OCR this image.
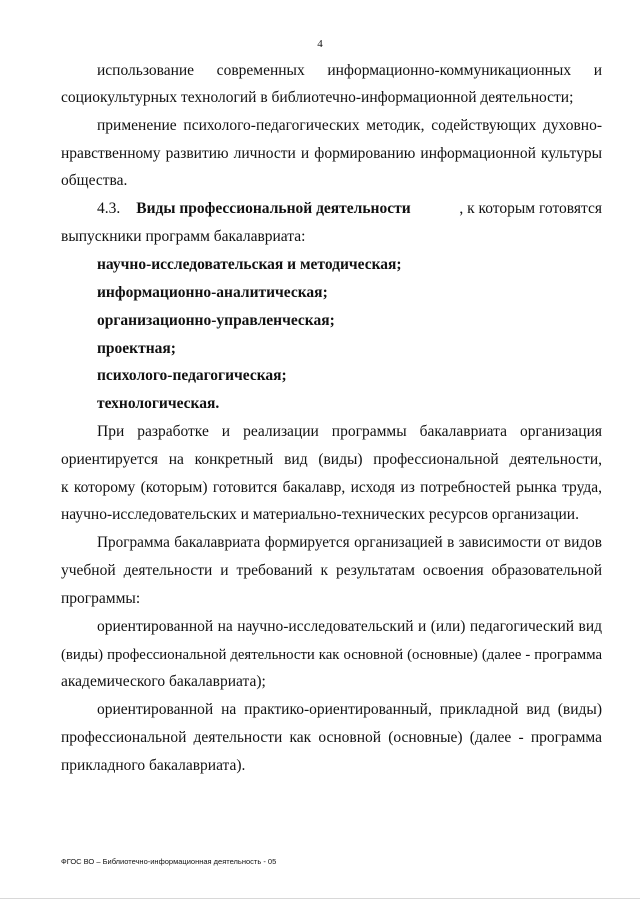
4
использование современных информационно-коммуникационных и
социокультурных технологий в библиотечно-информационной деятельности;
применение психолого-педагогических методик, содействующих духовно-
нравственному развитию личности и формированию информационной культуры
общества.
4.3. Виды профессиональной деятельности	, к которым готовятся
выпускники программ бакалавриата:
научно-исследовательская и методическая;
информационно-аналитическая;
организационно-управленческая;
проектная;
психолого-педагогическая;
технологическая.
При разработке и реализации программы бакалавриата организация
ориентируется на конкретный вид (виды) профессиональной деятельности,
к которому (которым) готовится бакалавр, исходя из потребностей рынка труда,
научно-исследовательских и материально-технических ресурсов организации.
Программа бакалавриата формируется организацией в зависимости от видов
учебной деятельности и требований к результатам освоения образовательной
программы:
ориентированной на научно-исследовательский и (или) педагогический вид
(виды) профессиональной деятельности как основной (основные) (далее - программа
академического бакалавриата);
ориентированной на практико-ориентированный, прикладной вид (виды)
профессиональной деятельности как основной (основные) (далее - программа
прикладного бакалавриата).
ФГОС ВО – Библиотечно-информационная деятельность - 05
